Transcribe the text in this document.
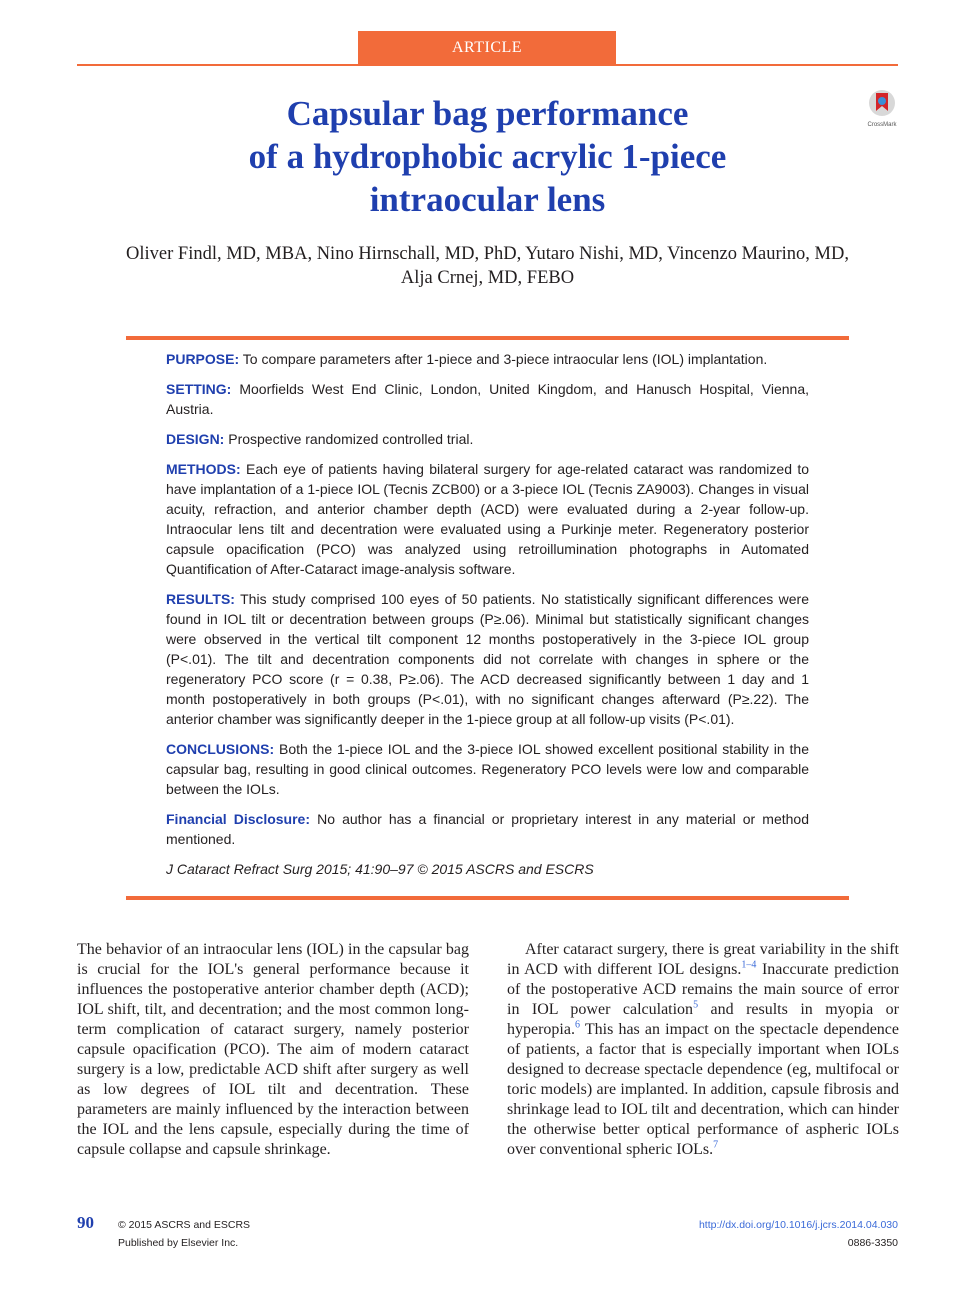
ARTICLE
Capsular bag performance
of a hydrophobic acrylic 1-piece
intraocular lens
CrossMark
Oliver Findl, MD, MBA, Nino Hirnschall, MD, PhD, Yutaro Nishi, MD, Vincenzo Maurino, MD,
Alja Crnej, MD, FEBO

PURPOSE: To compare parameters after 1-piece and 3-piece intraocular lens (IOL) implantation.

SETTING: Moorfields West End Clinic, London, United Kingdom, and Hanusch Hospital, Vienna, Austria.

DESIGN: Prospective randomized controlled trial.

METHODS: Each eye of patients having bilateral surgery for age-related cataract was randomized to have implantation of a 1-piece IOL (Tecnis ZCB00) or a 3-piece IOL (Tecnis ZA9003). Changes in visual acuity, refraction, and anterior chamber depth (ACD) were evaluated during a 2-year follow-up. Intraocular lens tilt and decentration were evaluated using a Purkinje meter. Regeneratory posterior capsule opacification (PCO) was analyzed using retroillumination photographs in Automated Quantification of After-Cataract image-analysis software.

RESULTS: This study comprised 100 eyes of 50 patients. No statistically significant differences were found in IOL tilt or decentration between groups (P≥.06). Minimal but statistically significant changes were observed in the vertical tilt component 12 months postoperatively in the 3-piece IOL group (P<.01). The tilt and decentration components did not correlate with changes in sphere or the regeneratory PCO score (r = 0.38, P≥.06). The ACD decreased significantly between 1 day and 1 month postoperatively in both groups (P<.01), with no significant changes afterward (P≥.22). The anterior chamber was significantly deeper in the 1-piece group at all follow-up visits (P<.01).

CONCLUSIONS: Both the 1-piece IOL and the 3-piece IOL showed excellent positional stability in the capsular bag, resulting in good clinical outcomes. Regeneratory PCO levels were low and comparable between the IOLs.

Financial Disclosure: No author has a financial or proprietary interest in any material or method mentioned.

J Cataract Refract Surg 2015; 41:90–97 © 2015 ASCRS and ESCRS

The behavior of an intraocular lens (IOL) in the capsular bag is crucial for the IOL's general performance because it influences the postoperative anterior chamber depth (ACD); IOL shift, tilt, and decentration; and the most common long-term complication of cataract surgery, namely posterior capsule opacification (PCO). The aim of modern cataract surgery is a low, predictable ACD shift after surgery as well as low degrees of IOL tilt and decentration. These parameters are mainly influenced by the interaction between the IOL and the lens capsule, especially during the time of capsule collapse and capsule shrinkage.

After cataract surgery, there is great variability in the shift in ACD with different IOL designs.$^{1-4}$ Inaccurate prediction of the postoperative ACD remains the main source of error in IOL power calculation$^5$ and results in myopia or hyperopia.$^6$ This has an impact on the spectacle dependence of patients, a factor that is especially important when IOLs designed to decrease spectacle dependence (eg, multifocal or toric models) are implanted. In addition, capsule fibrosis and shrinkage lead to IOL tilt and decentration, which can hinder the otherwise better optical performance of aspheric IOLs over conventional spheric IOLs.$^7$

90 © 2015 ASCRS and ESCRS
Published by Elsevier Inc.
http://dx.doi.org/10.1016/j.jcrs.2014.04.030
0886-3350
